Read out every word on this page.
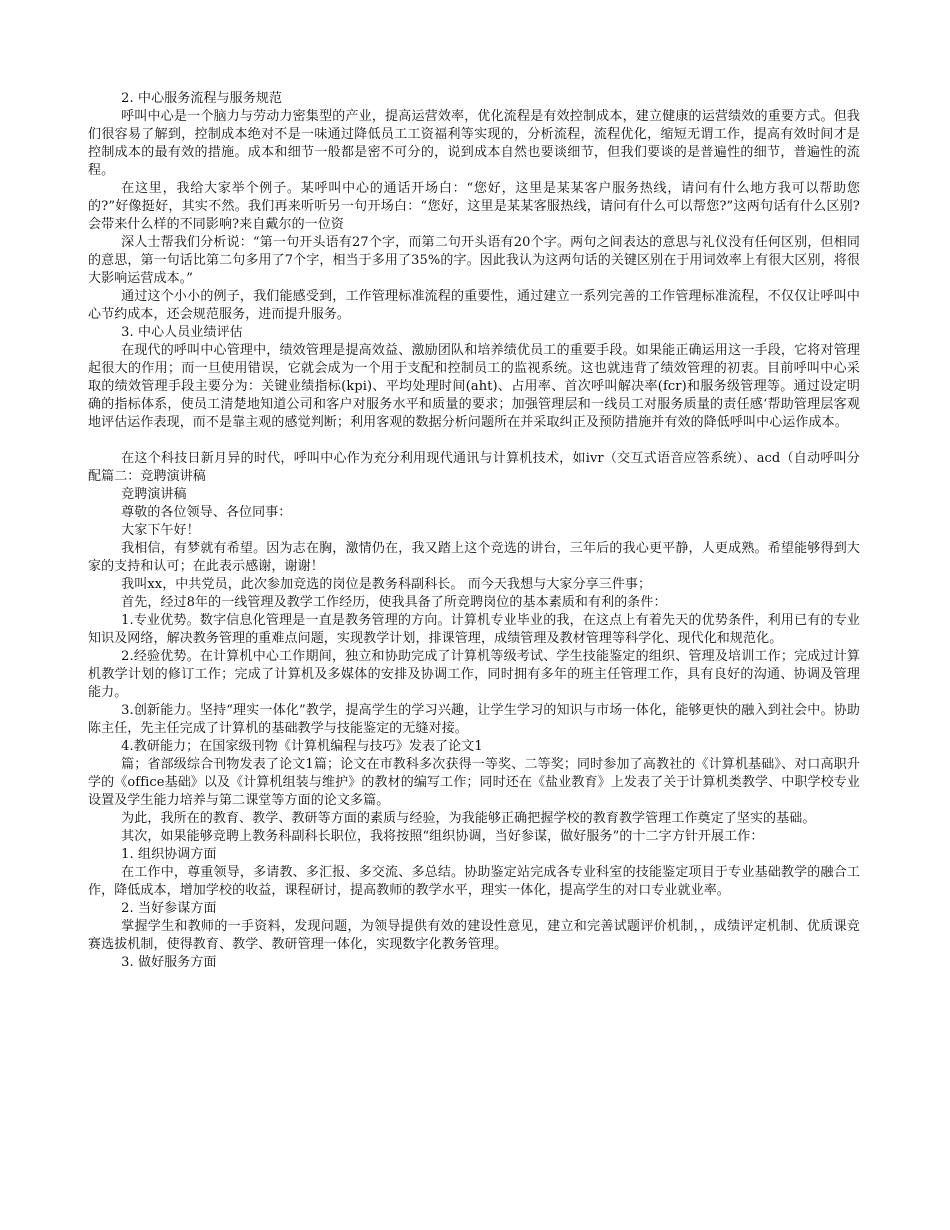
2. 中心服务流程与服务规范

呼叫中心是一个脑力与劳动力密集型的产业，提高运营效率，优化流程是有效控制成本，建立健康的运营绩效的重要方式。但我们很容易了解到，控制成本绝对不是一味通过降低员工工资福利等实现的，分析流程，流程优化，缩短无谓工作，提高有效时间才是控制成本的最有效的措施。成本和细节一般都是密不可分的，说到成本自然也要谈细节，但我们要谈的是普遍性的细节，普遍性的流程。

在这里，我给大家举个例子。某呼叫中心的通话开场白：“您好，这里是某某客户服务热线，请问有什么地方我可以帮助您的?”好像挺好，其实不然。我们再来听听另一句开场白：“您好，这里是某某客服热线，请问有什么可以帮您?”这两句话有什么区别?会带来什么样的不同影响?来自戴尔的一位资

深人士帮我们分析说：“第一句开头语有27个字，而第二句开头语有20个字。两句之间表达的意思与礼仪没有任何区别，但相同的意思，第一句话比第二句多用了7个字，相当于多用了35%的字。因此我认为这两句话的关键区别在于用词效率上有很大区别，将很大影响运营成本。”

通过这个小小的例子，我们能感受到，工作管理标准流程的重要性，通过建立一系列完善的工作管理标准流程，不仅仅让呼叫中心节约成本，还会规范服务，进而提升服务。

3. 中心人员业绩评估

在现代的呼叫中心管理中，绩效管理是提高效益、激励团队和培养绩优员工的重要手段。如果能正确运用这一手段，它将对管理起很大的作用；而一旦使用错误，它就会成为一个用于支配和控制员工的监视系统。这也就违背了绩效管理的初衷。目前呼叫中心采取的绩效管理手段主要分为：关键业绩指标(kpi)、平均处理时间(aht)、占用率、首次呼叫解决率(fcr)和服务级管理等。通过设定明确的指标体系，使员工清楚地知道公司和客户对服务水平和质量的要求；加强管理层和一线员工对服务质量的责任感‘帮助管理层客观地评估运作表现，而不是靠主观的感觉判断；利用客观的数据分析问题所在并采取纠正及预防措施并有效的降低呼叫中心运作成本。

在这个科技日新月异的时代，呼叫中心作为充分利用现代通讯与计算机技术，如ivr（交互式语音应答系统）、acd（自动呼叫分配篇二：竞聘演讲稿

竞聘演讲稿

尊敬的各位领导、各位同事：

大家下午好！

我相信，有梦就有希望。因为志在胸，激情仍在，我又踏上这个竞选的讲台，三年后的我心更平静，人更成熟。希望能够得到大家的支持和认可；在此表示感谢，谢谢！

我叫xx，中共党员，此次参加竞选的岗位是教务科副科长。 而今天我想与大家分享三件事；

首先，经过8年的一线管理及教学工作经历，使我具备了所竞聘岗位的基本素质和有利的条件：

1.专业优势。数字信息化管理是一直是教务管理的方向。计算机专业毕业的我，在这点上有着先天的优势条件，利用已有的专业知识及网络，解决教务管理的重难点问题，实现教学计划，排课管理，成绩管理及教材管理等科学化、现代化和规范化。

2.经验优势。在计算机中心工作期间，独立和协助完成了计算机等级考试、学生技能鉴定的组织、管理及培训工作；完成过计算机教学计划的修订工作；完成了计算机及多媒体的安排及协调工作，同时拥有多年的班主任管理工作，具有良好的沟通、协调及管理能力。

3.创新能力。坚持“理实一体化”教学，提高学生的学习兴趣，让学生学习的知识与市场一体化，能够更快的融入到社会中。协助陈主任，先主任完成了计算机的基础教学与技能鉴定的无缝对接。

4.教研能力；在国家级刊物《计算机编程与技巧》发表了论文1

篇；省部级综合刊物发表了论文1篇；论文在市教科多次获得一等奖、二等奖；同时参加了高教社的《计算机基础》、对口高职升学的《office基础》以及《计算机组装与维护》的教材的编写工作；同时还在《盐业教育》上发表了关于计算机类教学、中职学校专业设置及学生能力培养与第二课堂等方面的论文多篇。

为此，我所在的教育、教学、教研等方面的素质与经验，为我能够正确把握学校的教育教学管理工作奠定了坚实的基础。

其次，如果能够竞聘上教务科副科长职位，我将按照“组织协调，当好参谋，做好服务”的十二字方针开展工作：

1. 组织协调方面

在工作中，尊重领导，多请教、多汇报、多交流、多总结。协助鉴定站完成各专业科室的技能鉴定项目于专业基础教学的融合工作，降低成本，增加学校的收益，课程研讨，提高教师的教学水平，理实一体化，提高学生的对口专业就业率。

2. 当好参谋方面

掌握学生和教师的一手资料，发现问题，为领导提供有效的建设性意见，建立和完善试题评价机制，，成绩评定机制、优质课竞赛选拔机制，使得教育、教学、教研管理一体化，实现数字化教务管理。

3. 做好服务方面
